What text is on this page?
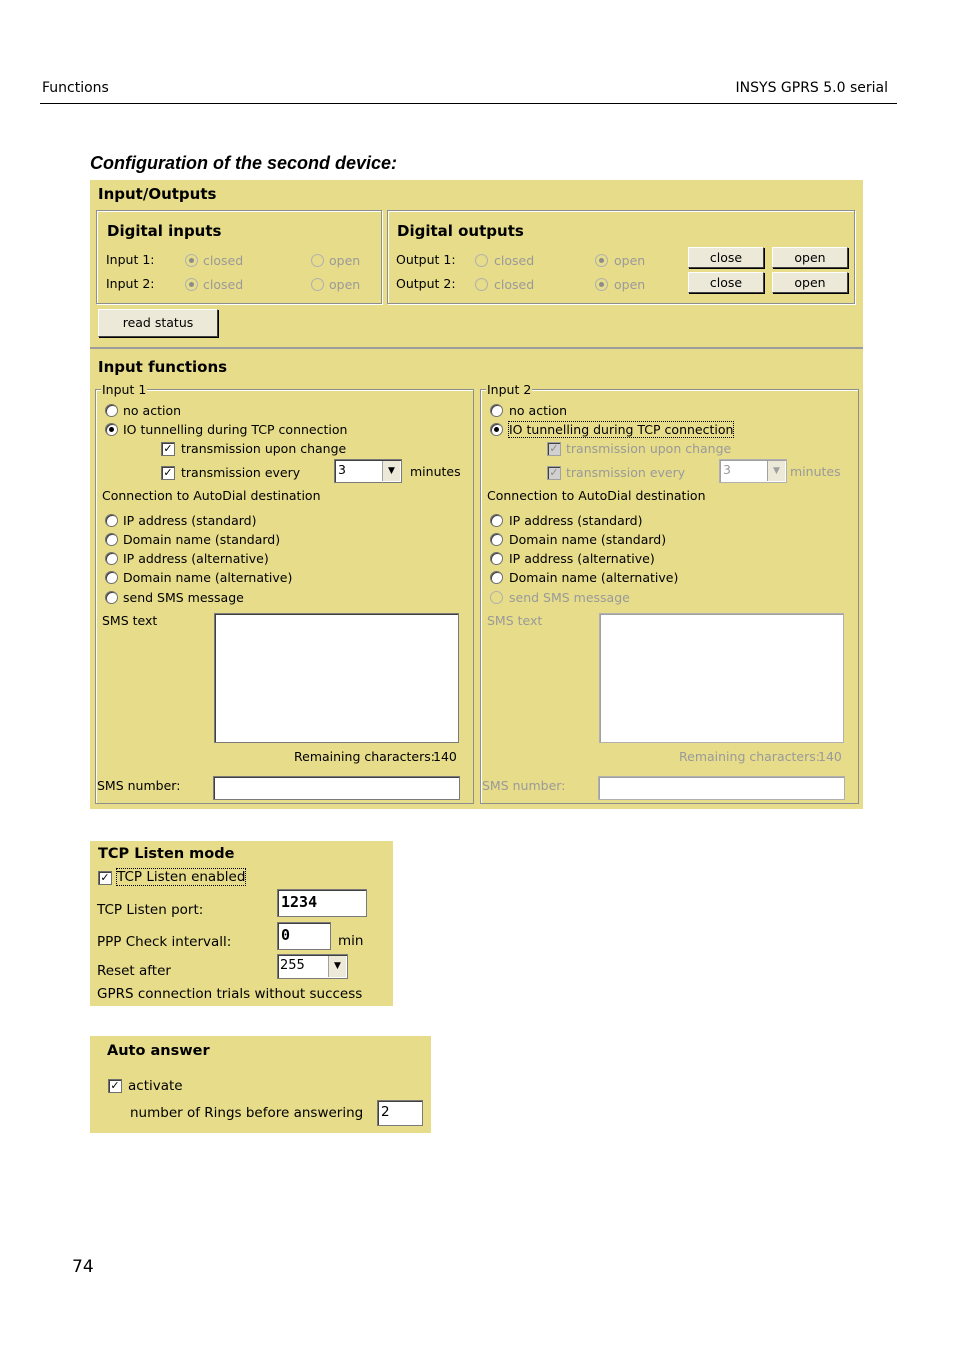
Functions	INSYS GPRS 5.0 serial
Configuration of the second device:
Input/Outputs
Digital inputs
Input 1:	closed	open
Input 2:	closed	open
Digital outputs
Output 1:	closed	open	close	open
Output 2:	closed	open	close	open
read status
Input functions
Input 1
no action
IO tunnelling during TCP connection
✓ transmission upon change
✓ transmission every	3	▼	minutes
Connection to AutoDial destination
IP address (standard)
Domain name (standard)
IP address (alternative)
Domain name (alternative)
send SMS message
SMS text
Remaining characters:
140
SMS number:
Input 2
no action
IO tunnelling during TCP connection
✓ transmission upon change
✓ transmission every	3	▼ minutes
Connection to AutoDial destination
IP address (standard)
Domain name (standard)
IP address (alternative)
Domain name (alternative)
send SMS message
SMS text
Remaining characters:
140
SMS number:
TCP Listen mode
✓ TCP Listen enabled
TCP Listen port:	1234
PPP Check intervall:	0	min
Reset after	255	▼
GPRS connection trials without success
Auto answer
✓ activate
number of Rings before answering 2
74
